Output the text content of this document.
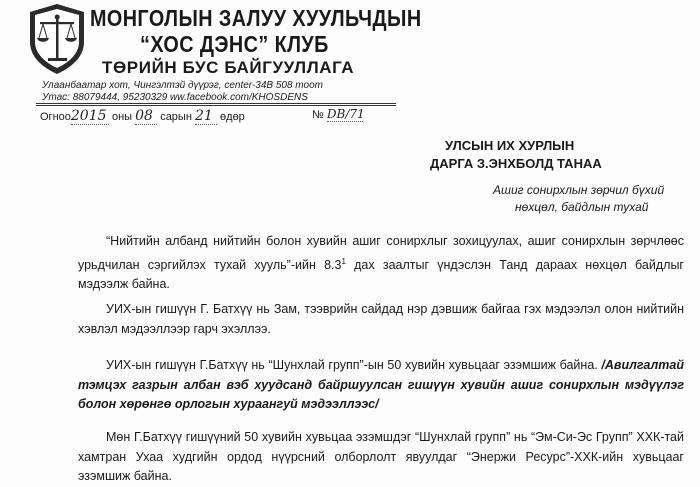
МОНГОЛЫН ЗАЛУУ ХУУЛЬЧДЫН
“ХОС ДЭНС” КЛУБ
ТӨРИЙН БУС БАЙГУУЛЛАГА
Улаанбаатар хот, Чингэлтэй дүүрэг, center-34В 508 тоот
Утас: 88079444, 95230329 ww.facebook.com/KHOSDENS
Огноо2015 оны 08 сарын 21 өдөр	№ DB/71
УЛСЫН ИХ ХУРЛЫН
ДАРГА З.ЭНХБОЛД ТАНАА
Ашиг сонирхлын зөрчил бүхий
нөхцөл, байдлын тухай

“Нийтийн албанд нийтийн болон хувийн ашиг сонирхлыг зохицуулах, ашиг сонирхлын зөрчлөөс урьдчилан сэргийлэх тухай хууль”-ийн $8.3^1$ дах заалтыг үндэслэн Танд дараах нөхцөл байдлыг мэдээлж байна.

УИХ-ын гишүүн Г. Батхүү нь Зам, тээврийн сайдад нэр дэвшиж байгаа гэх мэдээлэл олон нийтийн хэвлэл мэдээллээр гарч эхэллээ.

УИХ-ын гишүүн Г.Батхүү нь “Шунхлай групп”-ын 50 хувийн хувьцааг эзэмшиж байна. /Авилгалтай тэмцэх газрын албан вэб хуудсанд байршуулсан гишүүн хувийн ашиг сонирхлын мэдүүлэг болон хөрөнгө орлогын хураангуй мэдээллээс/

Мөн Г.Батхүү гишүүний 50 хувийн хувьцаа эзэмшдэг “Шунхлай групп” нь “Эм-Си-Эс Групп” ХХК-тай хамтран Ухаа худгийн ордод нүүрсний олборлолт явуулдаг “Энержи Ресурс”-ХХК-ийн хувьцааг эзэмшиж байна.
